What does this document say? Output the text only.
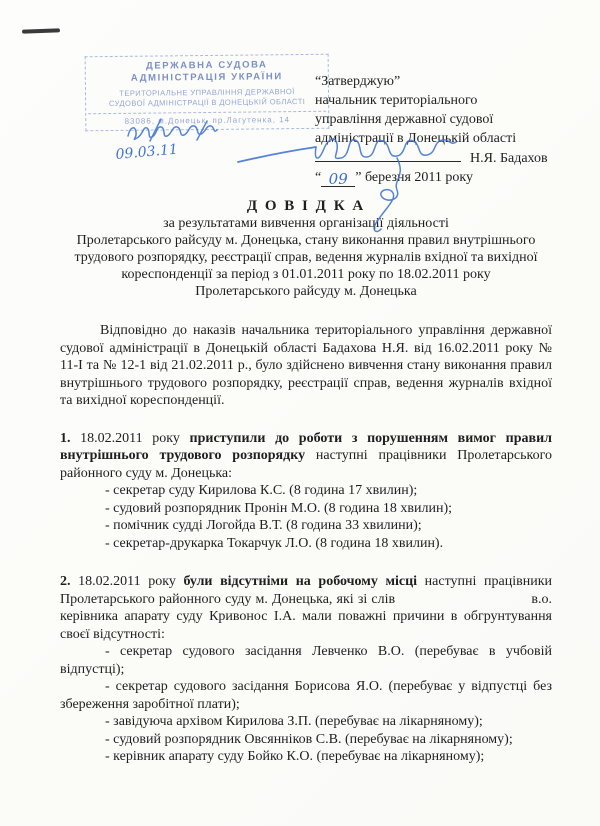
ДЕРЖАВНА СУДОВА
АДМІНІСТРАЦІЯ УКРАЇНИ
ТЕРИТОРІАЛЬНЕ УПРАВЛІННЯ ДЕРЖАВНОЇ
СУДОВОЇ АДМІНІСТРАЦІЇ В ДОНЕЦЬКІЙ ОБЛАСТІ
83086, м.Донецьк, пр.Лагутенка, 14
“Затверджую”
начальник територіального
управління державної судової
адміністрації в Донецькій області
Н.Я. Бадахов
“ 09 ” березня 2011 року
Д О В І Д К А
за результатами вивчення організації діяльності
Пролетарського райсуду м. Донецька, стану виконання правил внутрішнього
трудового розпорядку, реєстрації справ, ведення журналів вхідної та вихідної
кореспонденції за період з 01.01.2011 року по 18.02.2011 року
Пролетарського райсуду м. Донецька
Відповідно до наказів начальника територіального управління державної судової адміністрації в Донецькій області Бадахова Н.Я. від 16.02.2011 року № 11-І та № 12-1 від 21.02.2011 р., було здійснено вивчення стану виконання правил внутрішнього трудового розпорядку, реєстрації справ, ведення журналів вхідної та вихідної кореспонденції.
1. 18.02.2011 року приступили до роботи з порушенням вимог правил внутрішнього трудового розпорядку наступні працівники Пролетарського районного суду м. Донецька:
- секретар суду Кирилова К.С. (8 година 17 хвилин);
- судовий розпорядник Пронін М.О. (8 година 18 хвилин);
- помічник судді Логойда В.Т. (8 година 33 хвилини);
- секретар-друкарка Токарчук Л.О. (8 година 18 хвилин).
2. 18.02.2011 року були відсутніми на робочому місці наступні працівники Пролетарського районного суду м. Донецька, які зі слів	в.о. керівника апарату суду Кривонос І.А. мали поважні причини в обгрунтування своєї відсутності:
- секретар судового засідання Левченко В.О. (перебуває в учбовій відпустці);
- секретар судового засідання Борисова Я.О. (перебуває у відпустці без збереження заробітної плати);
- завідуюча архівом Кирилова З.П. (перебуває на лікарняному);
- судовий розпорядник Овсянніков С.В. (перебуває на лікарняному);
- керівник апарату суду Бойко К.О. (перебуває на лікарняному);
09.03.11
